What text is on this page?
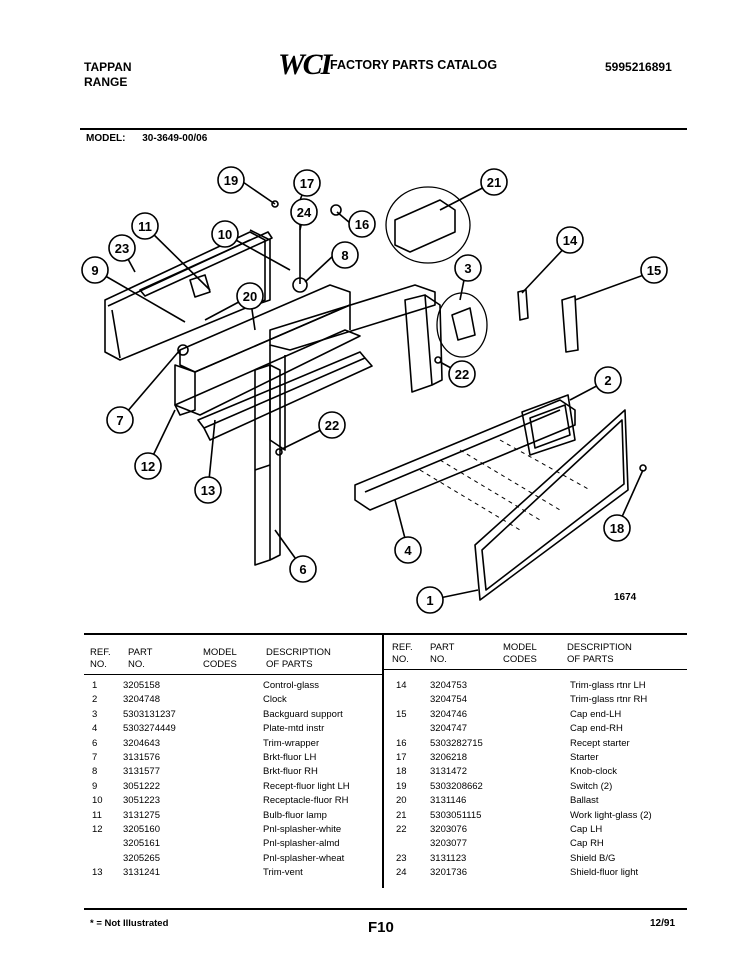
TAPPAN
RANGE
WCI FACTORY PARTS CATALOG	5995216891
MODEL: 30-3649-00/06
19	17	21
24
16
11
10
23	8
9
20
3
14
15
7
22
22
2
12
13
18
4
6
1	1674
REF.
NO.
PART
NO.
MODEL
CODES
DESCRIPTION
OF PARTS
REF.
NO.
PART
NO.
MODEL
CODES
DESCRIPTION
OF PARTS
1	3205158	Control-glass
2	3204748	Clock
3	5303131237	Backguard support
4	5303274449	Plate-mtd instr
6	3204643	Trim-wrapper
7	3131576	Brkt-fluor LH
8	3131577	Brkt-fluor RH
9	3051222	Recept-fluor light LH
10 3051223	Receptacle-fluor RH
11 3131275	Bulb-fluor lamp
12 3205160	Pnl-splasher-white
3205161	Pnl-splasher-almd
3205265	Pnl-splasher-wheat
13 3131241	Trim-vent
14 3204753	Trim-glass rtnr LH
3204754	Trim-glass rtnr RH
15 3204746	Cap end-LH
3204747	Cap end-RH
16 5303282715	Recept starter
17 3206218	Starter
18 3131472	Knob-clock
19 5303208662	Switch (2)
20 3131146	Ballast
21 5303051115	Work light-glass (2)
22 3203076	Cap LH
3203077	Cap RH
23 3131123	Shield B/G
24 3201736	Shield-fluor light
* = Not Illustrated	F10	12/91
